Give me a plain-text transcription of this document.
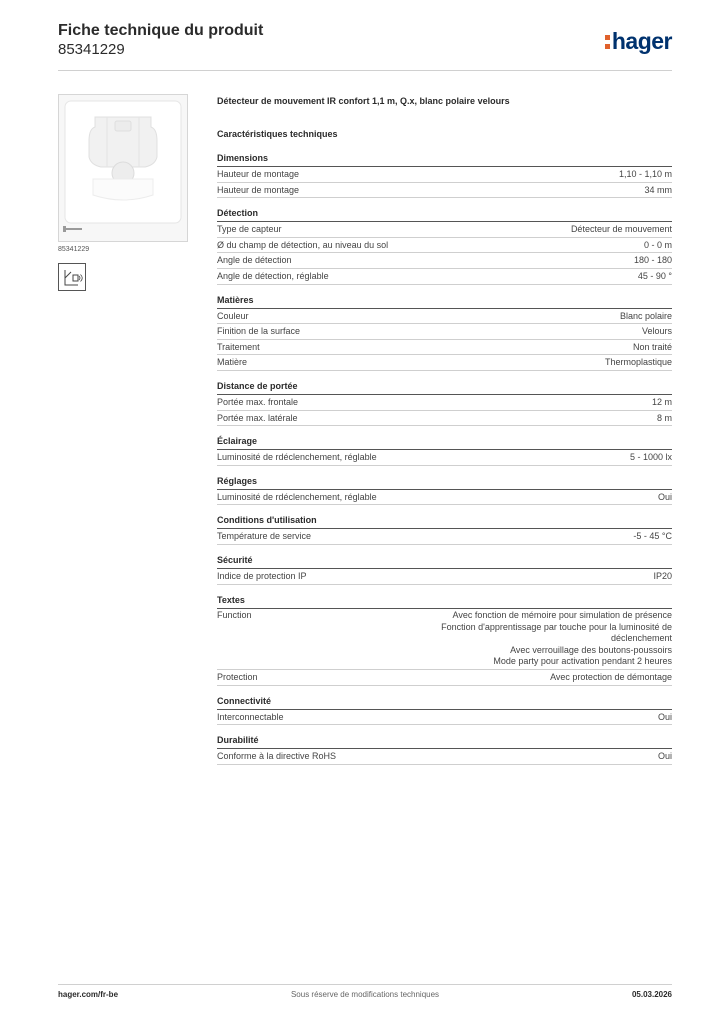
Fiche technique du produit
85341229	hager
85341229
Détecteur de mouvement IR confort 1,1 m, Q.x, blanc polaire velours
Caractéristiques techniques
Dimensions
Hauteur de montage	1,10 - 1,10 m
Hauteur de montage	34 mm
Détection
Type de capteur	Détecteur de mouvement
Ø du champ de détection, au niveau du sol	0 - 0 m
Angle de détection	180 - 180
Angle de détection, réglable	45 - 90 °
Matières
Couleur	Blanc polaire
Finition de la surface	Velours
Traitement	Non traité
Matière	Thermoplastique
Distance de portée
Portée max. frontale	12 m
Portée max. latérale	8 m
Éclairage
Luminosité de rdéclenchement, réglable	5 - 1000 lx
Réglages
Luminosité de rdéclenchement, réglable	Oui
Conditions d'utilisation
Température de service	-5 - 45 °C
Sécurité
Indice de protection IP	IP20
Textes
Function	Avec fonction de mémoire pour simulation de présence
Fonction d'apprentissage par touche pour la luminosité de
déclenchement
Avec verrouillage des boutons-poussoirs
Mode party pour activation pendant 2 heures
Protection	Avec protection de démontage
Connectivité
Interconnectable	Oui
Durabilité
Conforme à la directive RoHS	Oui
hager.com/fr-be	Sous réserve de modifications techniques	05.03.2026
